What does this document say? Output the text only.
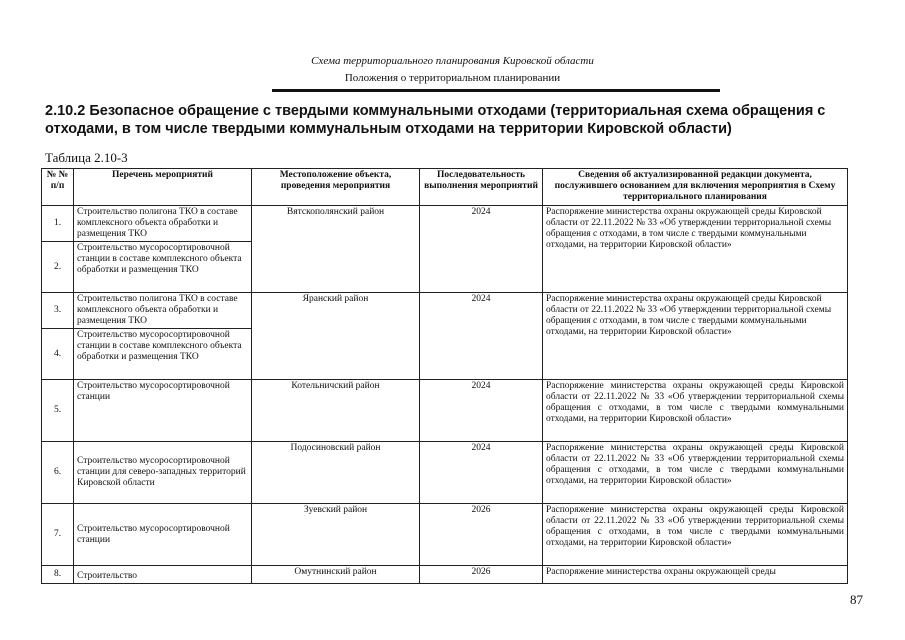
Схема территориального планирования Кировской области
Положения о территориальном планировании
2.10.2 Безопасное обращение с твердыми коммунальными отходами (территориальная схема обращения с отходами, в том числе твердыми коммунальным отходами на территории Кировской области)
Таблица 2.10-3
№ № п/п	Перечень мероприятий	Местоположение объекта, проведения мероприятия	Последовательность выполнения мероприятий	Сведения об актуализированной редакции документа, послужившего основанием для включения мероприятия в Схему территориального планирования
1.	Строительство полигона ТКО в составе комплексного объекта обработки и размещения ТКО	Вятскополянский район	2024	Распоряжение министерства охраны окружающей среды Кировской области от 22.11.2022 № 33 «Об утверждении территориальной схемы обращения с отходами, в том числе с твердыми коммунальными отходами, на территории Кировской области»
2.	Строительство мусоросортировочной станции в составе комплексного объекта обработки и размещения ТКО			
3.	Строительство полигона ТКО в составе комплексного объекта обработки и размещения ТКО	Яранский район	2024	Распоряжение министерства охраны окружающей среды Кировской области от 22.11.2022 № 33 «Об утверждении территориальной схемы обращения с отходами, в том числе с твердыми коммунальными отходами, на территории Кировской области»
4.	Строительство мусоросортировочной станции в составе комплексного объекта обработки и размещения ТКО			
5.	Строительство мусоросортировочной станции	Котельничский район	2024	Распоряжение министерства охраны окружающей среды Кировской области от 22.11.2022 № 33 «Об утверждении территориальной схемы обращения с отходами, в том числе с твердыми коммунальными отходами, на территории Кировской области»
6.	Строительство мусоросортировочной станции для северо-западных территорий Кировской области	Подосиновский район	2024	Распоряжение министерства охраны окружающей среды Кировской области от 22.11.2022 № 33 «Об утверждении территориальной схемы обращения с отходами, в том числе с твердыми коммунальными отходами, на территории Кировской области»
7.	Строительство мусоросортировочной станции	Зуевский район	2026	Распоряжение министерства охраны окружающей среды Кировской области от 22.11.2022 № 33 «Об утверждении территориальной схемы обращения с отходами, в том числе с твердыми коммунальными отходами, на территории Кировской области»
8.	Строительство	Омутнинский район	2026	Распоряжение министерства охраны окружающей среды
87
